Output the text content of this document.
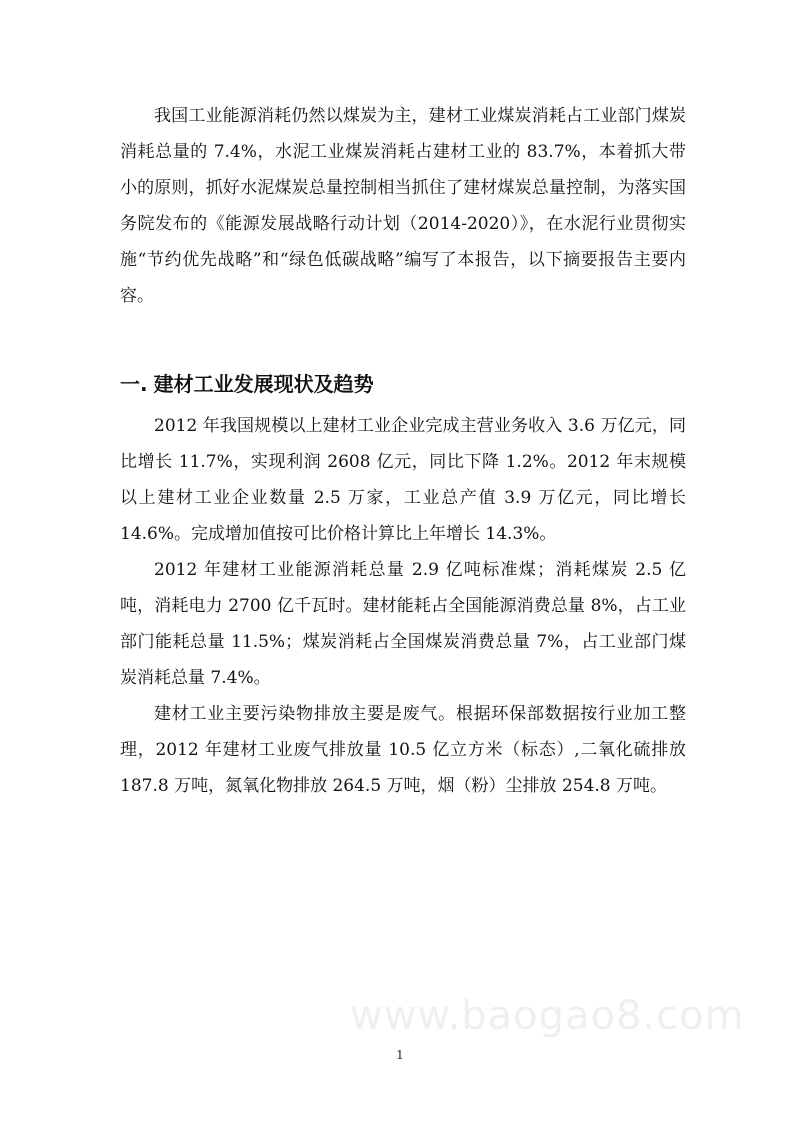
我国工业能源消耗仍然以煤炭为主，建材工业煤炭消耗占工业部门煤炭消耗总量的 7.4%，水泥工业煤炭消耗占建材工业的 83.7%，本着抓大带小的原则，抓好水泥煤炭总量控制相当抓住了建材煤炭总量控制，为落实国务院发布的《能源发展战略行动计划（2014-2020）》，在水泥行业贯彻实施“节约优先战略”和“绿色低碳战略”编写了本报告，以下摘要报告主要内容。

一. 建材工业发展现状及趋势

2012 年我国规模以上建材工业企业完成主营业务收入 3.6 万亿元，同比增长 11.7%，实现利润 2608 亿元，同比下降 1.2%。2012 年末规模以上建材工业企业数量 2.5 万家，工业总产值 3.9 万亿元，同比增长 14.6%。完成增加值按可比价格计算比上年增长 14.3%。

2012 年建材工业能源消耗总量 2.9 亿吨标准煤；消耗煤炭 2.5 亿吨，消耗电力 2700 亿千瓦时。建材能耗占全国能源消费总量 8%，占工业部门能耗总量 11.5%；煤炭消耗占全国煤炭消费总量 7%，占工业部门煤炭消耗总量 7.4%。

建材工业主要污染物排放主要是废气。根据环保部数据按行业加工整理，2012 年建材工业废气排放量 10.5 亿立方米（标态）,二氧化硫排放 187.8 万吨，氮氧化物排放 264.5 万吨，烟（粉）尘排放 254.8 万吨。

www.baogao8.com
1
